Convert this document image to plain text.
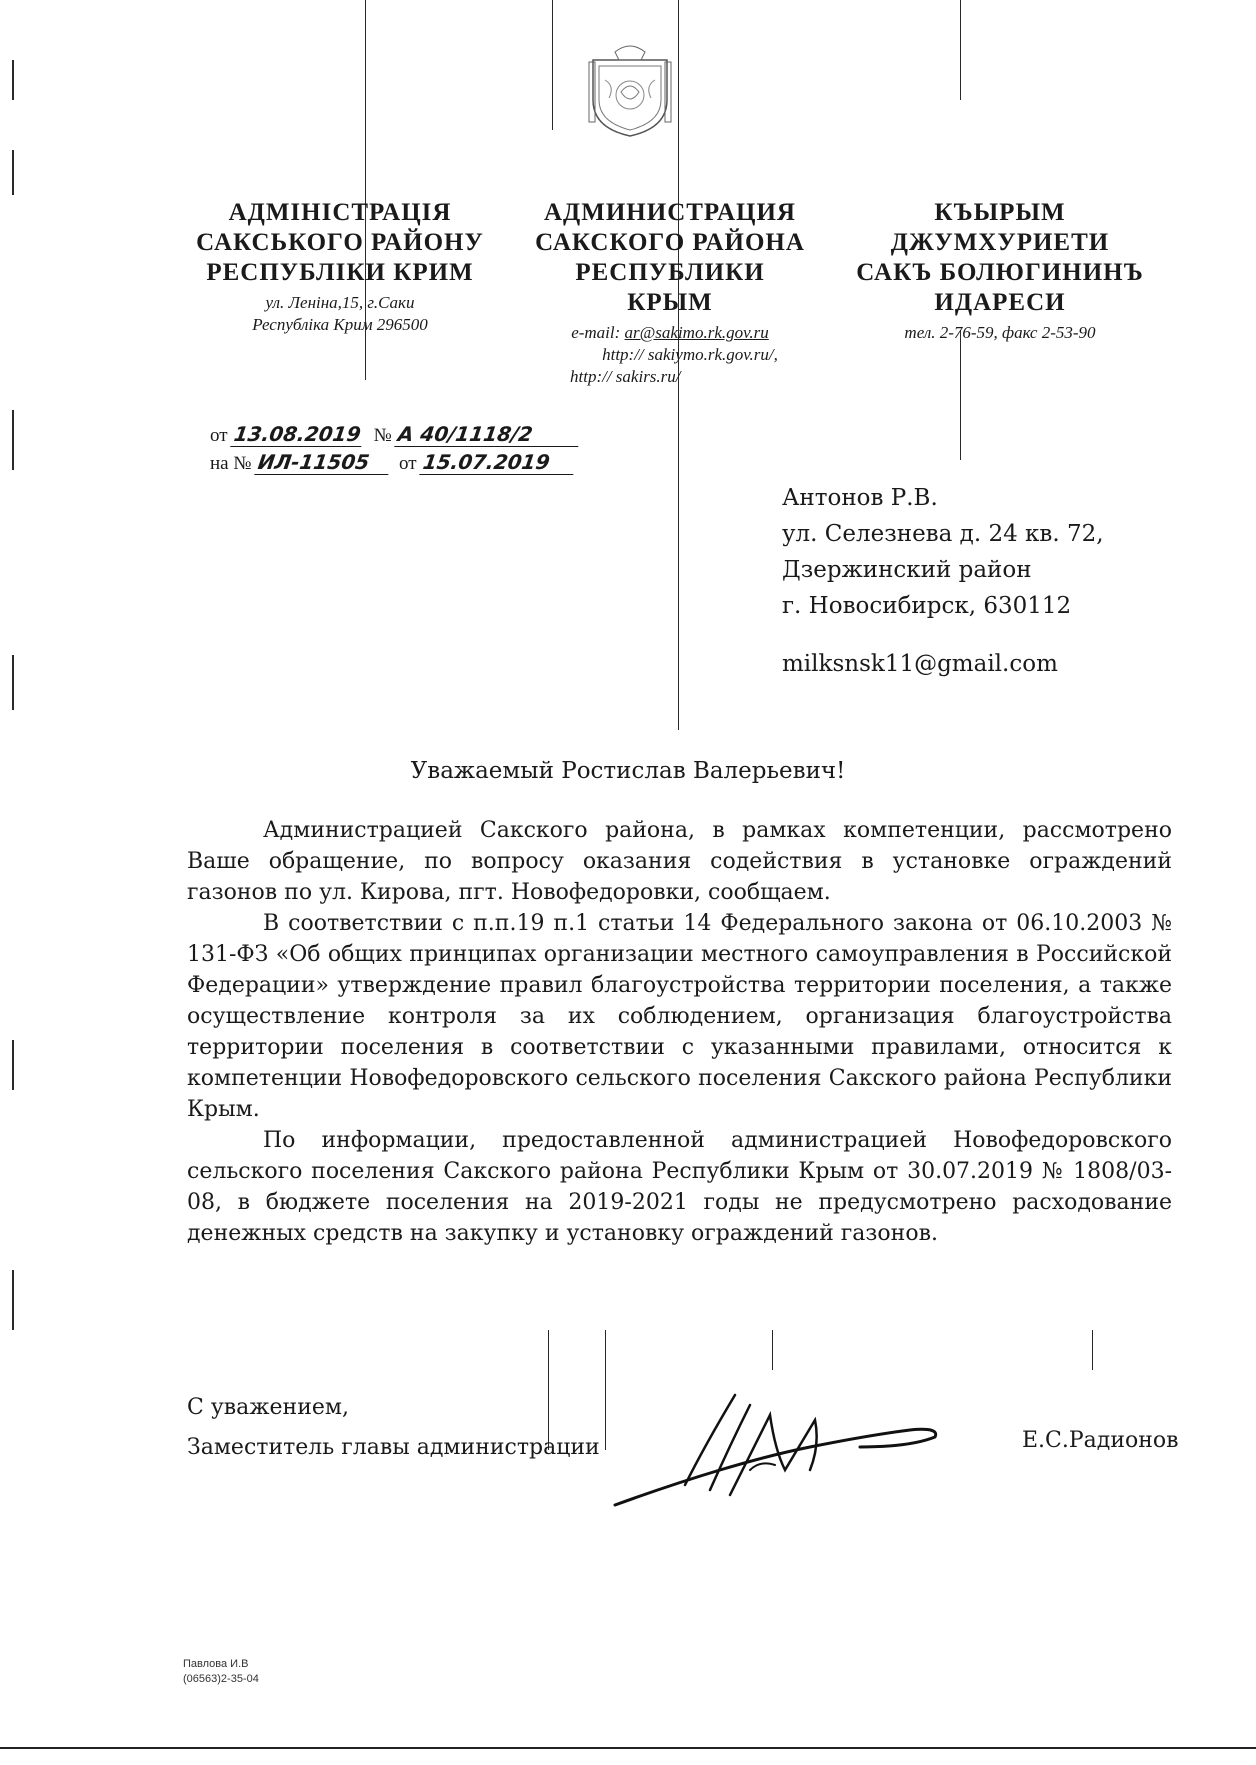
АДМІНІСТРАЦІЯ
САКСЬКОГО РАЙОНУ
РЕСПУБЛІКИ КРИМ
ул. Леніна,15, г.Саки
Республіка Крим 296500
АДМИНИСТРАЦИЯ
САКСКОГО РАЙОНА
РЕСПУБЛИКИ КРЫМ
e-mail: ar@sakimo.rk.gov.ru
http:// sakiymo.rk.gov.ru/,
http:// sakirs.ru/
КЪЫРЫМ ДЖУМХУРИЕТИ
САКЪ БОЛЮГИНИНЪ
ИДАРЕСИ
тел. 2-76-59, факс 2-53-90
от 13.08.2019 № А 40/1118/2
на № ИЛ-11505 от 15.07.2019
Антонов Р.В.
ул. Селезнева д. 24 кв. 72,
Дзержинский район
г. Новосибирск, 630112
milksnsk11@gmail.com
Уважаемый Ростислав Валерьевич!

Администрацией Сакского района, в рамках компетенции, рассмотрено Ваше обращение, по вопросу оказания содействия в установке ограждений газонов по ул. Кирова, пгт. Новофедоровки, сообщаем.

В соответствии с п.п.19 п.1 статьи 14 Федерального закона от 06.10.2003 № 131-ФЗ «Об общих принципах организации местного самоуправления в Российской Федерации» утверждение правил благоустройства территории поселения, а также осуществление контроля за их соблюдением, организация благоустройства территории поселения в соответствии с указанными правилами, относится к компетенции Новофедоровского сельского поселения Сакского района Республики Крым.

По информации, предоставленной администрацией Новофедоровского сельского поселения Сакского района Республики Крым от 30.07.2019 № 1808/03-08, в бюджете поселения на 2019-2021 годы не предусмотрено расходование денежных средств на закупку и установку ограждений газонов.

С уважением,
Заместитель главы администрации	Е.С.Радионов
Павлова И.В
(06563)2-35-04
